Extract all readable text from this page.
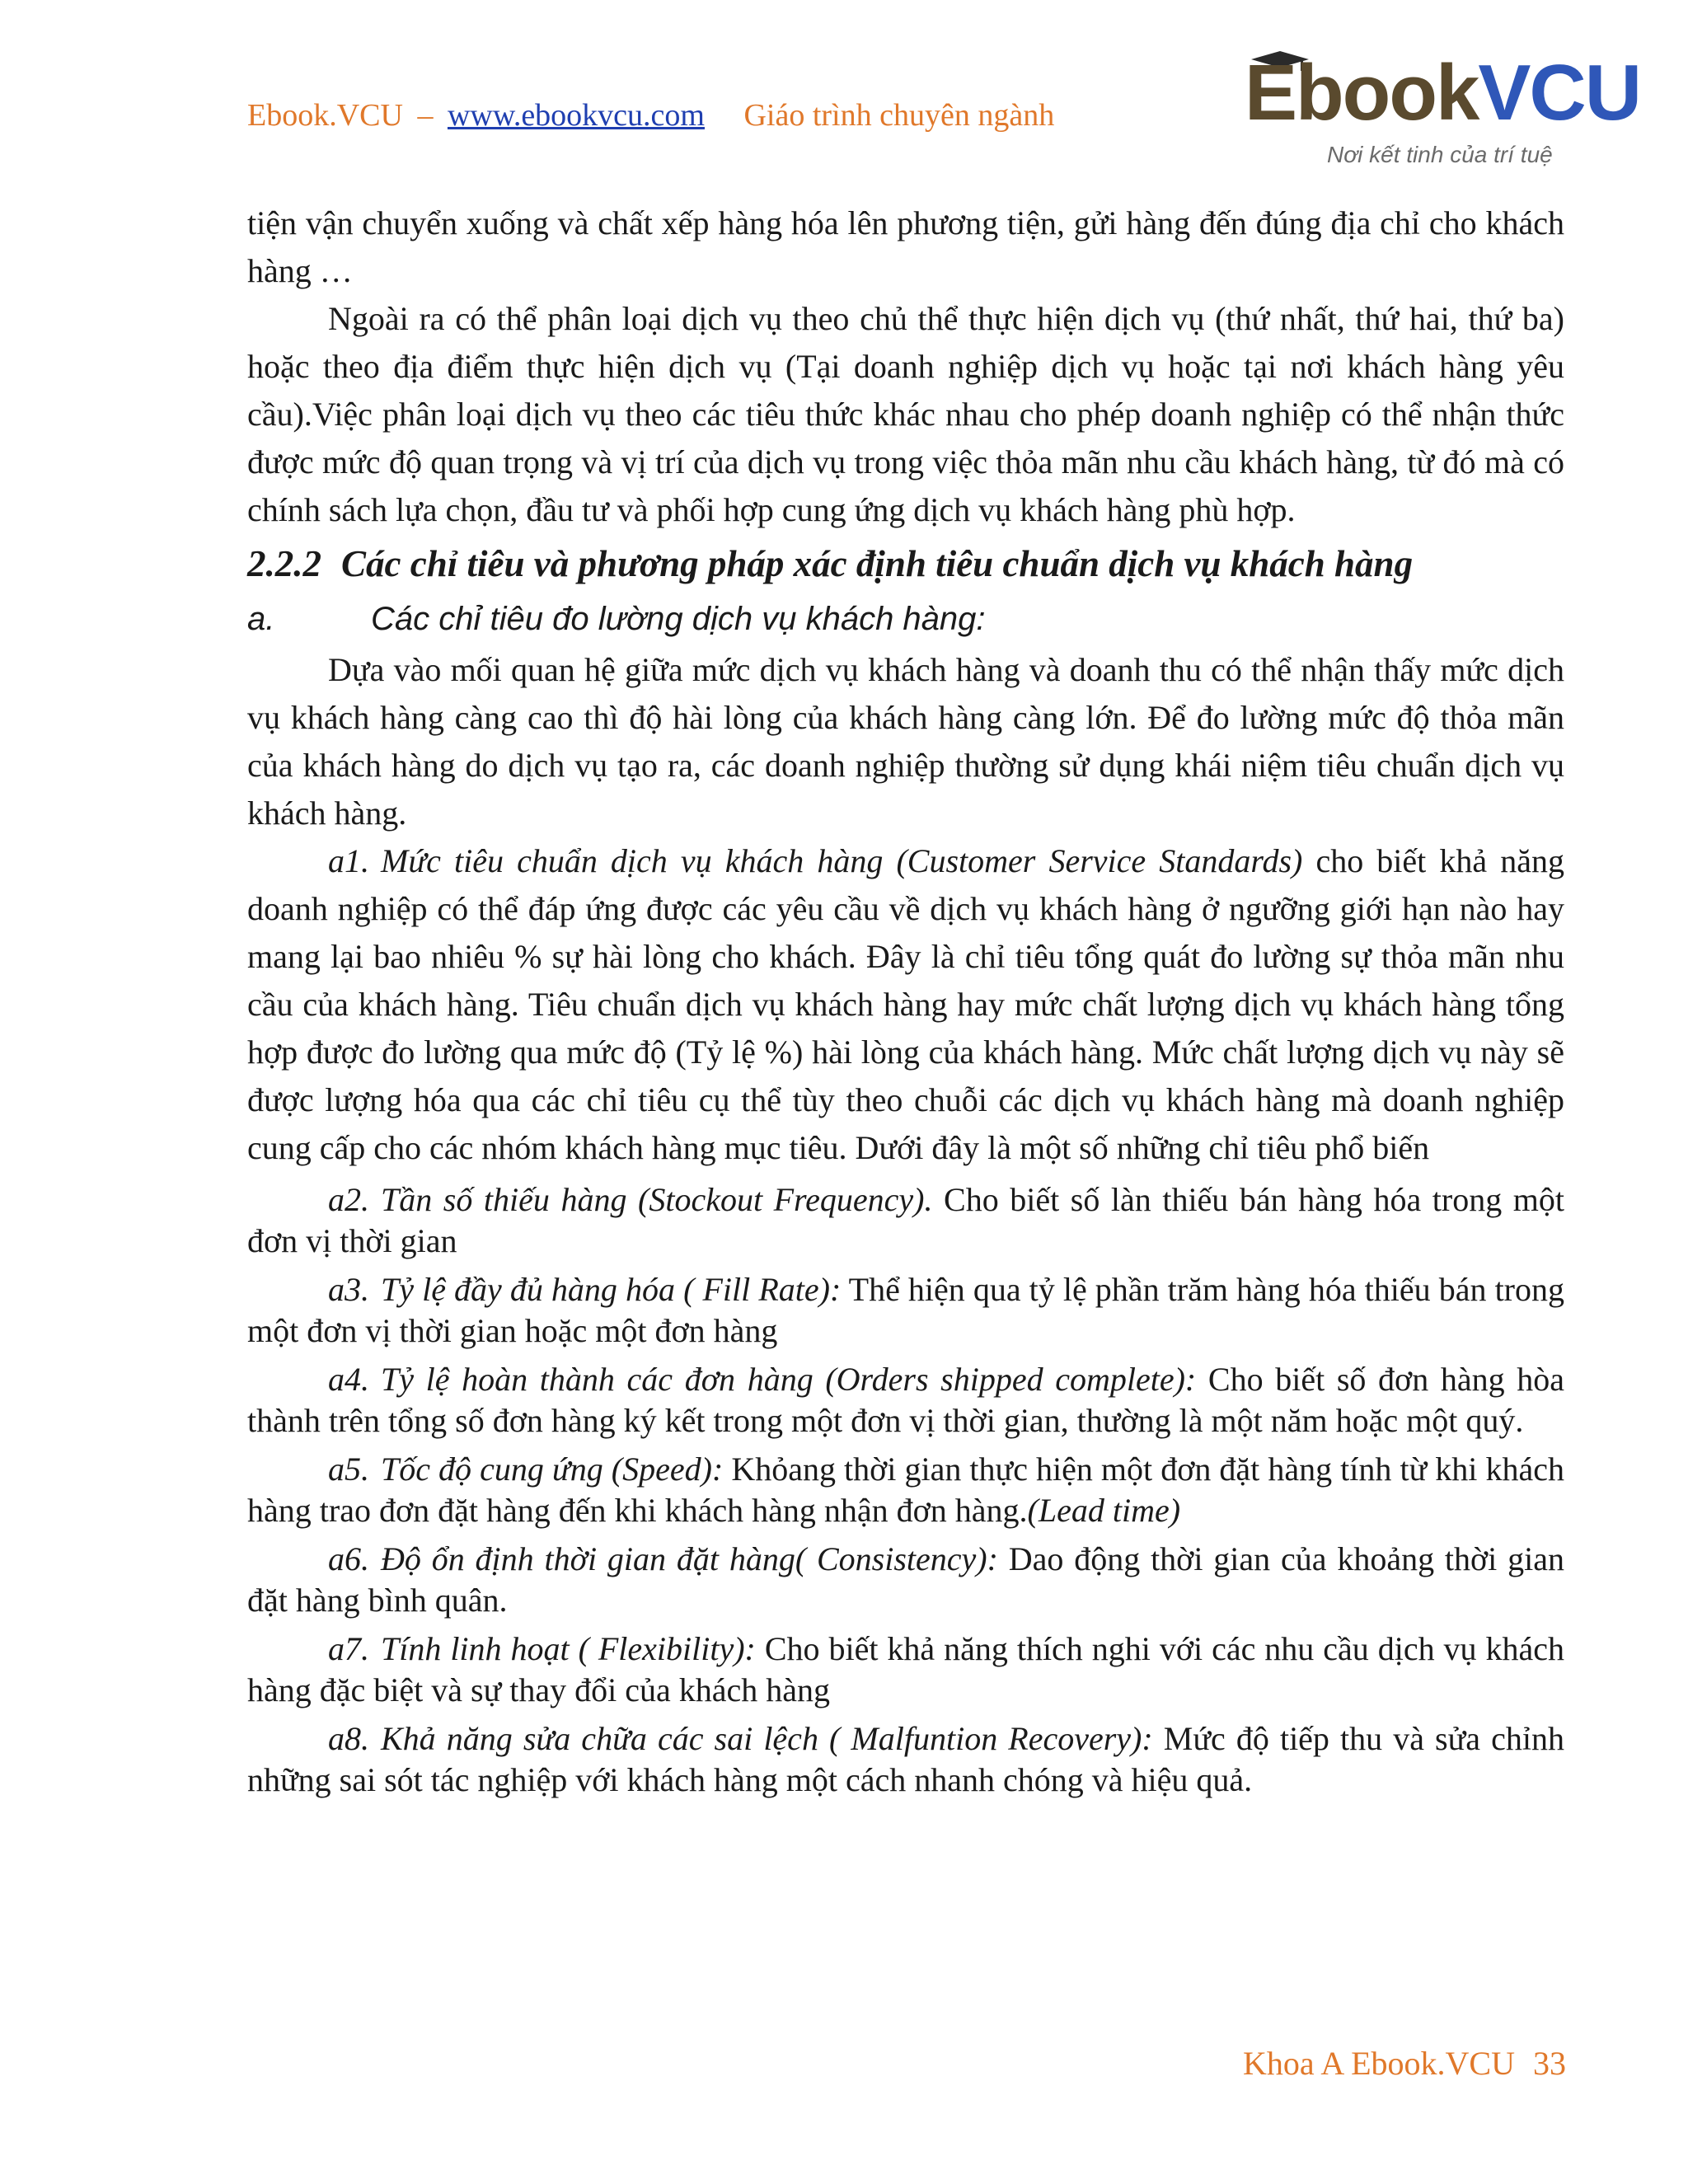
Ebook.VCU – www.ebookvcu.com Giáo trình chuyên ngành EbookVCU
Nơi kết tinh của trí tuệ

tiện vận chuyển xuống và chất xếp hàng hóa lên phương tiện, gửi hàng đến đúng địa chỉ cho khách hàng …

Ngoài ra có thể phân loại dịch vụ theo chủ thể thực hiện dịch vụ (thứ nhất, thứ hai, thứ ba) hoặc theo địa điểm thực hiện dịch vụ (Tại doanh nghiệp dịch vụ hoặc tại nơi khách hàng yêu cầu).Việc phân loại dịch vụ theo các tiêu thức khác nhau cho phép doanh nghiệp có thể nhận thức được mức độ quan trọng và vị trí của dịch vụ trong việc thỏa mãn nhu cầu khách hàng, từ đó mà có chính sách lựa chọn, đầu tư và phối hợp cung ứng dịch vụ khách hàng phù hợp.

2.2.2 Các chỉ tiêu và phương pháp xác định tiêu chuẩn dịch vụ khách hàng

a.	Các chỉ tiêu đo lường dịch vụ khách hàng:

Dựa vào mối quan hệ giữa mức dịch vụ khách hàng và doanh thu có thể nhận thấy mức dịch vụ khách hàng càng cao thì độ hài lòng của khách hàng càng lớn. Để đo lường mức độ thỏa mãn của khách hàng do dịch vụ tạo ra, các doanh nghiệp thường sử dụng khái niệm tiêu chuẩn dịch vụ khách hàng.

a1. Mức tiêu chuẩn dịch vụ khách hàng (Customer Service Standards) cho biết khả năng doanh nghiệp có thể đáp ứng được các yêu cầu về dịch vụ khách hàng ở ngưỡng giới hạn nào hay mang lại bao nhiêu % sự hài lòng cho khách. Đây là chỉ tiêu tổng quát đo lường sự thỏa mãn nhu cầu của khách hàng. Tiêu chuẩn dịch vụ khách hàng hay mức chất lượng dịch vụ khách hàng tổng hợp được đo lường qua mức độ (Tỷ lệ %) hài lòng của khách hàng. Mức chất lượng dịch vụ này sẽ được lượng hóa qua các chỉ tiêu cụ thể tùy theo chuỗi các dịch vụ khách hàng mà doanh nghiệp cung cấp cho các nhóm khách hàng mục tiêu. Dưới đây là một số những chỉ tiêu phổ biến

a2. Tần số thiếu hàng (Stockout Frequency). Cho biết số làn thiếu bán hàng hóa trong một đơn vị thời gian

a3. Tỷ lệ đầy đủ hàng hóa ( Fill Rate): Thể hiện qua tỷ lệ phần trăm hàng hóa thiếu bán trong một đơn vị thời gian hoặc một đơn hàng

a4. Tỷ lệ hoàn thành các đơn hàng (Orders shipped complete): Cho biết số đơn hàng hòa thành trên tổng số đơn hàng ký kết trong một đơn vị thời gian, thường là một năm hoặc một quý.

a5. Tốc độ cung ứng (Speed): Khỏang thời gian thực hiện một đơn đặt hàng tính từ khi khách hàng trao đơn đặt hàng đến khi khách hàng nhận đơn hàng.(Lead time)

a6. Độ ổn định thời gian đặt hàng( Consistency): Dao động thời gian của khoảng thời gian đặt hàng bình quân.

a7. Tính linh hoạt ( Flexibility): Cho biết khả năng thích nghi với các nhu cầu dịch vụ khách hàng đặc biệt và sự thay đổi của khách hàng

a8. Khả năng sửa chữa các sai lệch ( Malfuntion Recovery): Mức độ tiếp thu và sửa chỉnh những sai sót tác nghiệp với khách hàng một cách nhanh chóng và hiệu quả.

Khoa A Ebook.VCU 33
